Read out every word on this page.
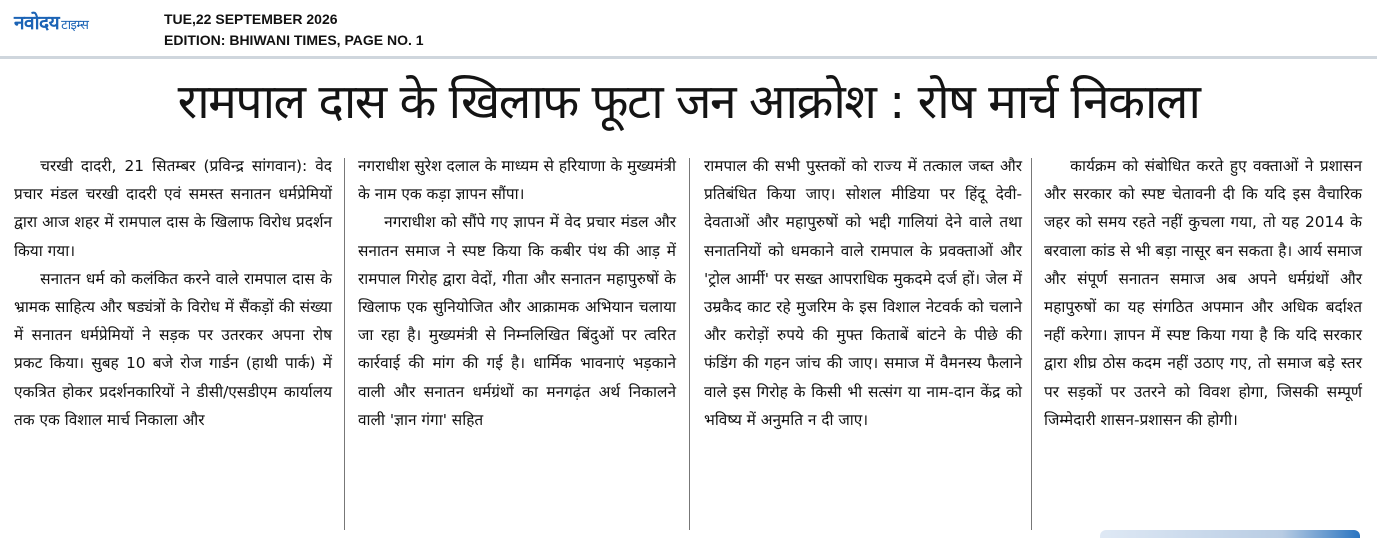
नवोदय टाइम्स	TUE,22 SEPTEMBER 2026
EDITION: BHIWANI TIMES, PAGE NO. 1
रामपाल दास के खिलाफ फूटा जन आक्रोश : रोष मार्च निकाला

चरखी दादरी, 21 सितम्बर (प्रविन्द्र सांगवान): वेद प्रचार मंडल चरखी दादरी एवं समस्त सनातन धर्मप्रेमियों द्वारा आज शहर में रामपाल दास के खिलाफ विरोध प्रदर्शन किया गया।

सनातन धर्म को कलंकित करने वाले रामपाल दास के भ्रामक साहित्य और षड्यंत्रों के विरोध में सैंकड़ों की संख्या में सनातन धर्मप्रेमियों ने सड़क पर उतरकर अपना रोष प्रकट किया। सुबह 10 बजे रोज गार्डन (हाथी पार्क) में एकत्रित होकर प्रदर्शनकारियों ने डीसी/एसडीएम कार्यालय तक एक विशाल मार्च निकाला और

नगराधीश सुरेश दलाल के माध्यम से हरियाणा के मुख्यमंत्री के नाम एक कड़ा ज्ञापन सौंपा।

नगराधीश को सौंपे गए ज्ञापन में वेद प्रचार मंडल और सनातन समाज ने स्पष्ट किया कि कबीर पंथ की आड़ में रामपाल गिरोह द्वारा वेदों, गीता और सनातन महापुरुषों के खिलाफ एक सुनियोजित और आक्रामक अभियान चलाया जा रहा है। मुख्यमंत्री से निम्नलिखित बिंदुओं पर त्वरित कार्रवाई की मांग की गई है। धार्मिक भावनाएं भड़काने वाली और सनातन धर्मग्रंथों का मनगढ़ंत अर्थ निकालने वाली 'ज्ञान गंगा' सहित

रामपाल की सभी पुस्तकों को राज्य में तत्काल जब्त और प्रतिबंधित किया जाए। सोशल मीडिया पर हिंदू देवी-देवताओं और महापुरुषों को भद्दी गालियां देने वाले तथा सनातनियों को धमकाने वाले रामपाल के प्रवक्ताओं और 'ट्रोल आर्मी' पर सख्त आपराधिक मुकदमे दर्ज हों। जेल में उम्रकैद काट रहे मुजरिम के इस विशाल नेटवर्क को चलाने और करोड़ों रुपये की मुफ्त किताबें बांटने के पीछे की फंडिंग की गहन जांच की जाए। समाज में वैमनस्य फैलाने वाले इस गिरोह के किसी भी सत्संग या नाम-दान केंद्र को भविष्य में अनुमति न दी जाए।

कार्यक्रम को संबोधित करते हुए वक्ताओं ने प्रशासन और सरकार को स्पष्ट चेतावनी दी कि यदि इस वैचारिक जहर को समय रहते नहीं कुचला गया, तो यह 2014 के बरवाला कांड से भी बड़ा नासूर बन सकता है। आर्य समाज और संपूर्ण सनातन समाज अब अपने धर्मग्रंथों और महापुरुषों का यह संगठित अपमान और अधिक बर्दाश्त नहीं करेगा। ज्ञापन में स्पष्ट किया गया है कि यदि सरकार द्वारा शीघ्र ठोस कदम नहीं उठाए गए, तो समाज बड़े स्तर पर सड़कों पर उतरने को विवश होगा, जिसकी सम्पूर्ण जिम्मेदारी शासन-प्रशासन की होगी।
